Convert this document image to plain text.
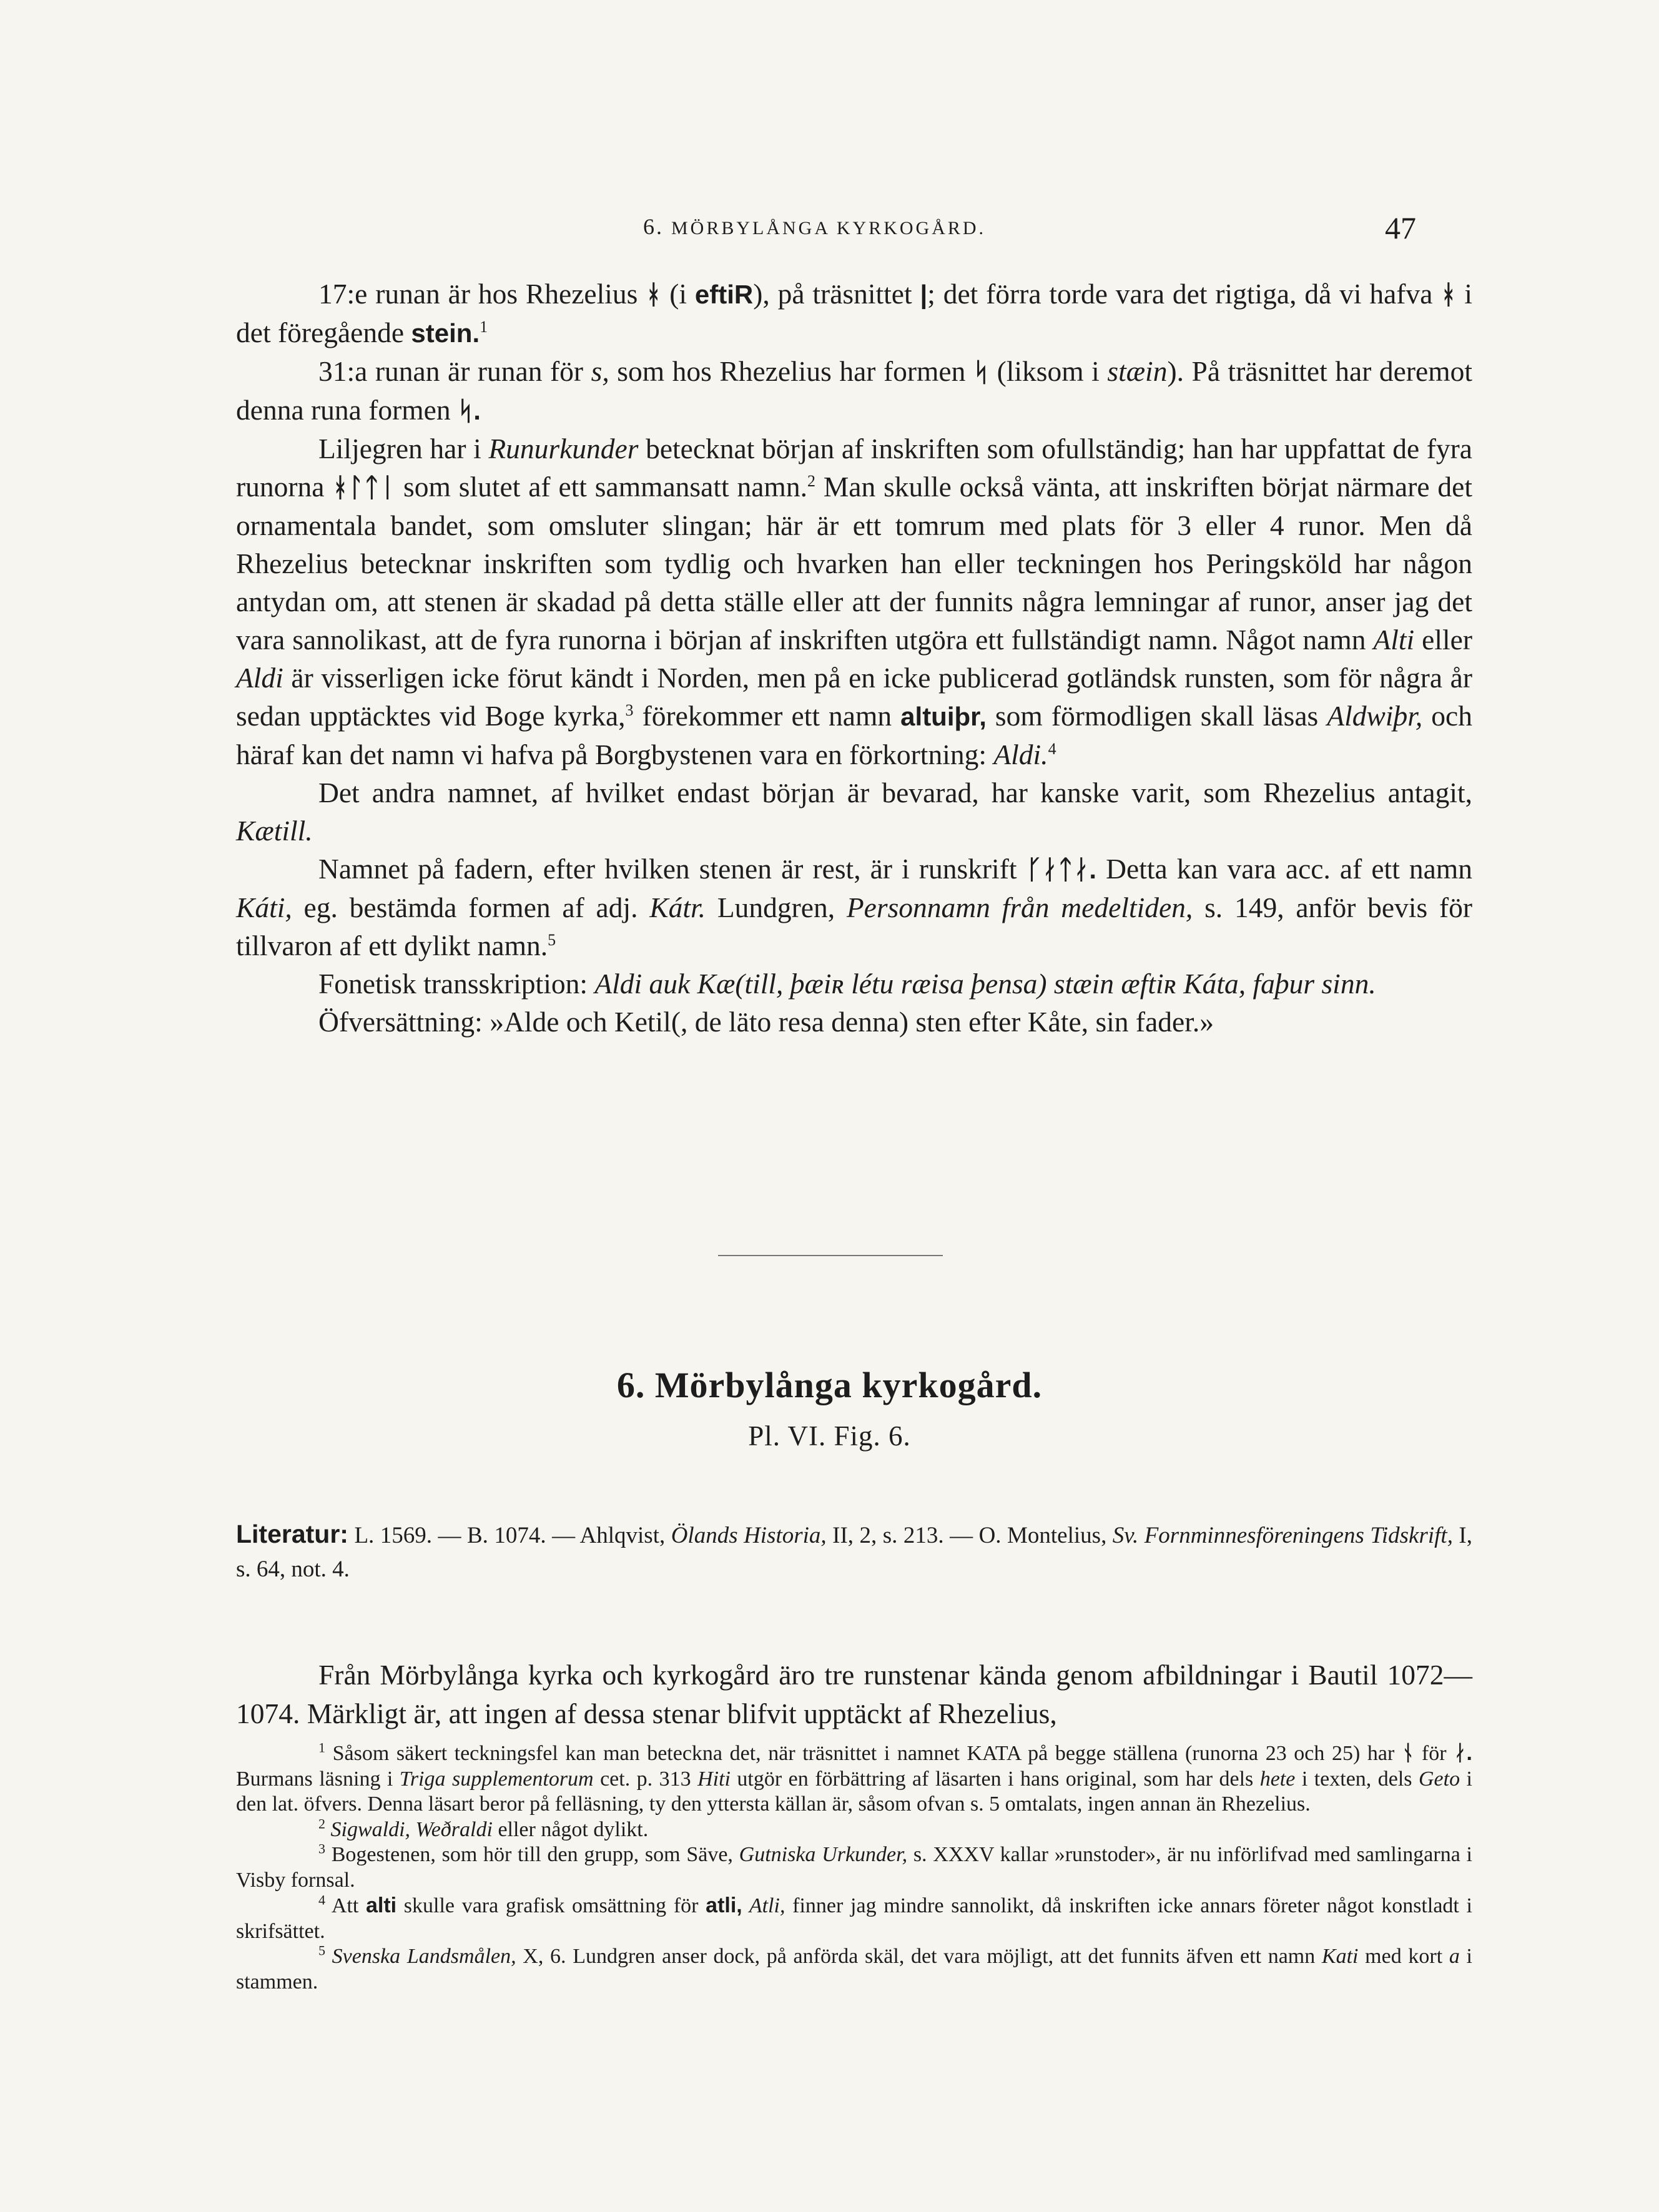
6. MÖRBYLÅNGA KYRKOGÅRD.	47

17:e runan är hos Rhezelius ᚼ (i eftiR), på träsnittet |; det förra torde vara det rigtiga, då vi hafva ᚼ i det föregående stein.$^1$

31:a runan är runan för s, som hos Rhezelius har formen ᛋ (liksom i stæin). På träsnittet har deremot denna runa formen ᛋ.

Liljegren har i Runurkunder betecknat början af inskriften som ofullständig; han har uppfattat de fyra runorna ᚼᛚᛏᛁ som slutet af ett sammansatt namn.$^2$ Man skulle också vänta, att inskriften börjat närmare det ornamentala bandet, som omsluter slingan; här är ett tomrum med plats för 3 eller 4 runor. Men då Rhezelius betecknar inskriften som tydlig och hvarken han eller teckningen hos Peringsköld har någon antydan om, att stenen är skadad på detta ställe eller att der funnits några lemningar af runor, anser jag det vara sannolikast, att de fyra runorna i början af inskriften utgöra ett fullständigt namn. Något namn Alti eller Aldi är visserligen icke förut kändt i Norden, men på en icke publicerad gotländsk runsten, som för några år sedan upptäcktes vid Boge kyrka,$^3$ förekommer ett namn altuiþr, som förmodligen skall läsas Aldwiþr, och häraf kan det namn vi hafva på Borgbystenen vara en förkortning: Aldi.$^4$

Det andra namnet, af hvilket endast början är bevarad, har kanske varit, som Rhezelius antagit, Kætill.

Namnet på fadern, efter hvilken stenen är rest, är i runskrift ᚴᛅᛏᛅ. Detta kan vara acc. af ett namn Káti, eg. bestämda formen af adj. Kátr. Lundgren, Personnamn från medeltiden, s. 149, anför bevis för tillvaron af ett dylikt namn.$^5$

Fonetisk transskription: Aldi auk Kæ(till, þæiʀ létu ræisa þensa) stæin æftiʀ Káta, faþur sinn.

Öfversättning: »Alde och Ketil(, de läto resa denna) sten efter Kåte, sin fader.»

6. Mörbylånga kyrkogård.
Pl. VI. Fig. 6.
Literatur: L. 1569. — B. 1074. — Ahlqvist, Ölands Historia, II, 2, s. 213. — O. Montelius, Sv. Fornminnesföreningens Tidskrift, I, s. 64, not. 4.

Från Mörbylånga kyrka och kyrkogård äro tre runstenar kända genom afbildningar i Bautil 1072—1074. Märkligt är, att ingen af dessa stenar blifvit upptäckt af Rhezelius,

$^1$ Såsom säkert teckningsfel kan man beteckna det, när träsnittet i namnet KATA på begge ställena (runorna 23 och 25) har ᚾ för ᛅ. Burmans läsning i Triga supplementorum cet. p. 313 Hiti utgör en förbättring af läsarten i hans original, som har dels hete i texten, dels Geto i den lat. öfvers. Denna läsart beror på felläsning, ty den yttersta källan är, såsom ofvan s. 5 omtalats, ingen annan än Rhezelius.

$^2$ Sigwaldi, Weðraldi eller något dylikt.

$^3$ Bogestenen, som hör till den grupp, som Säve, Gutniska Urkunder, s. XXXV kallar »runstoder», är nu införlifvad med samlingarna i Visby fornsal.

$^4$ Att alti skulle vara grafisk omsättning för atli, Atli, finner jag mindre sannolikt, då inskriften icke annars företer något konstladt i skrifsättet.

$^5$ Svenska Landsmålen, X, 6. Lundgren anser dock, på anförda skäl, det vara möjligt, att det funnits äfven ett namn Kati med kort a i stammen.
